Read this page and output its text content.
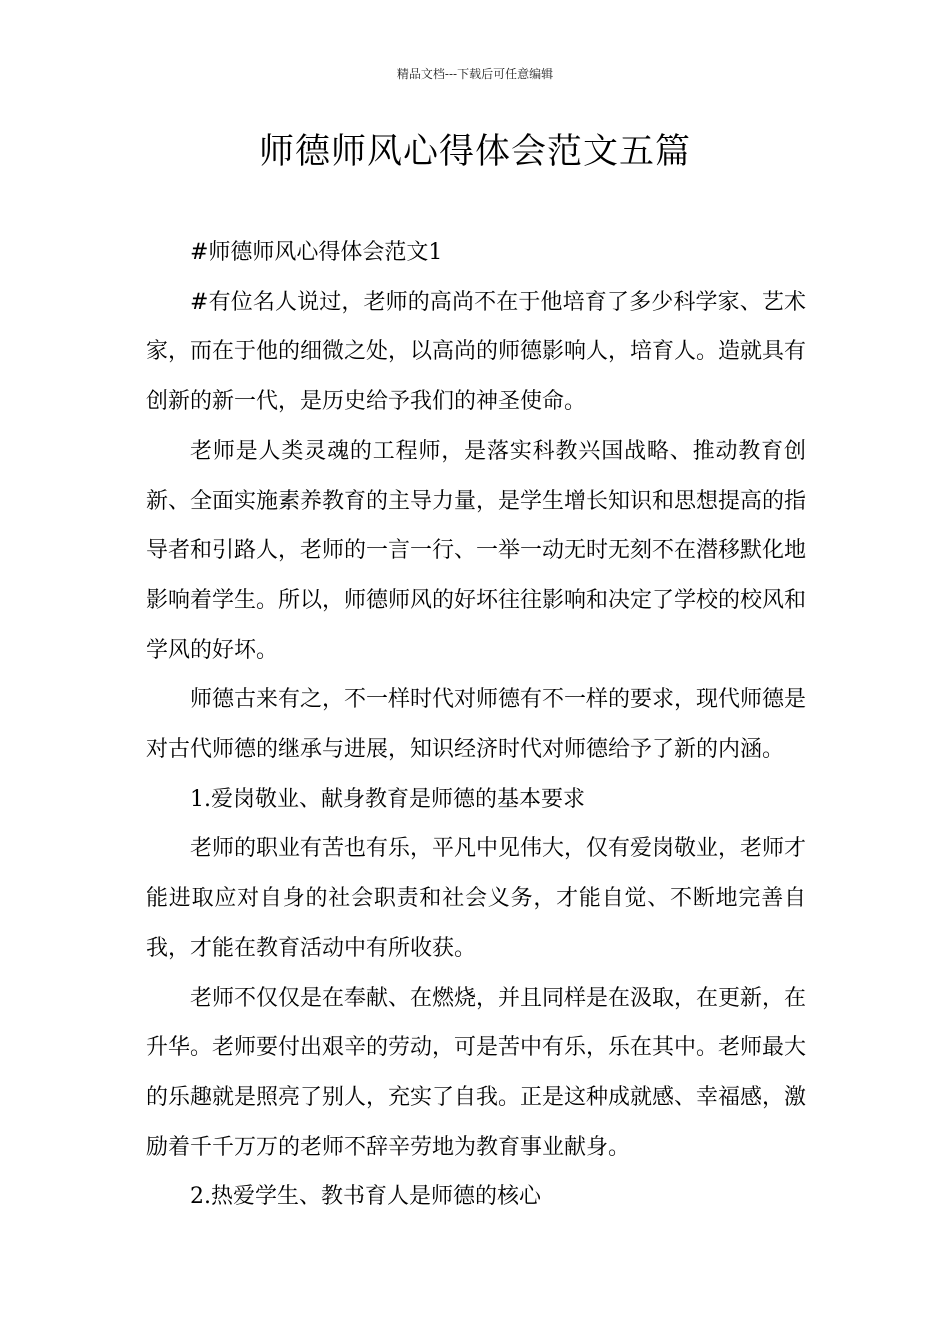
精品文档---下载后可任意编辑
师德师风心得体会范文五篇

#师德师风心得体会范文1

#有位名人说过，老师的高尚不在于他培育了多少科学家、艺术家，而在于他的细微之处，以高尚的师德影响人，培育人。造就具有创新的新一代，是历史给予我们的神圣使命。

老师是人类灵魂的工程师，是落实科教兴国战略、推动教育创新、全面实施素养教育的主导力量，是学生增长知识和思想提高的指导者和引路人，老师的一言一行、一举一动无时无刻不在潜移默化地影响着学生。所以，师德师风的好坏往往影响和决定了学校的校风和学风的好坏。

师德古来有之，不一样时代对师德有不一样的要求，现代师德是对古代师德的继承与进展，知识经济时代对师德给予了新的内涵。

1.爱岗敬业、献身教育是师德的基本要求

老师的职业有苦也有乐，平凡中见伟大，仅有爱岗敬业，老师才能进取应对自身的社会职责和社会义务，才能自觉、不断地完善自我，才能在教育活动中有所收获。

老师不仅仅是在奉献、在燃烧，并且同样是在汲取，在更新，在升华。老师要付出艰辛的劳动，可是苦中有乐，乐在其中。老师最大的乐趣就是照亮了别人，充实了自我。正是这种成就感、幸福感，激励着千千万万的老师不辞辛劳地为教育事业献身。

2.热爱学生、教书育人是师德的核心
